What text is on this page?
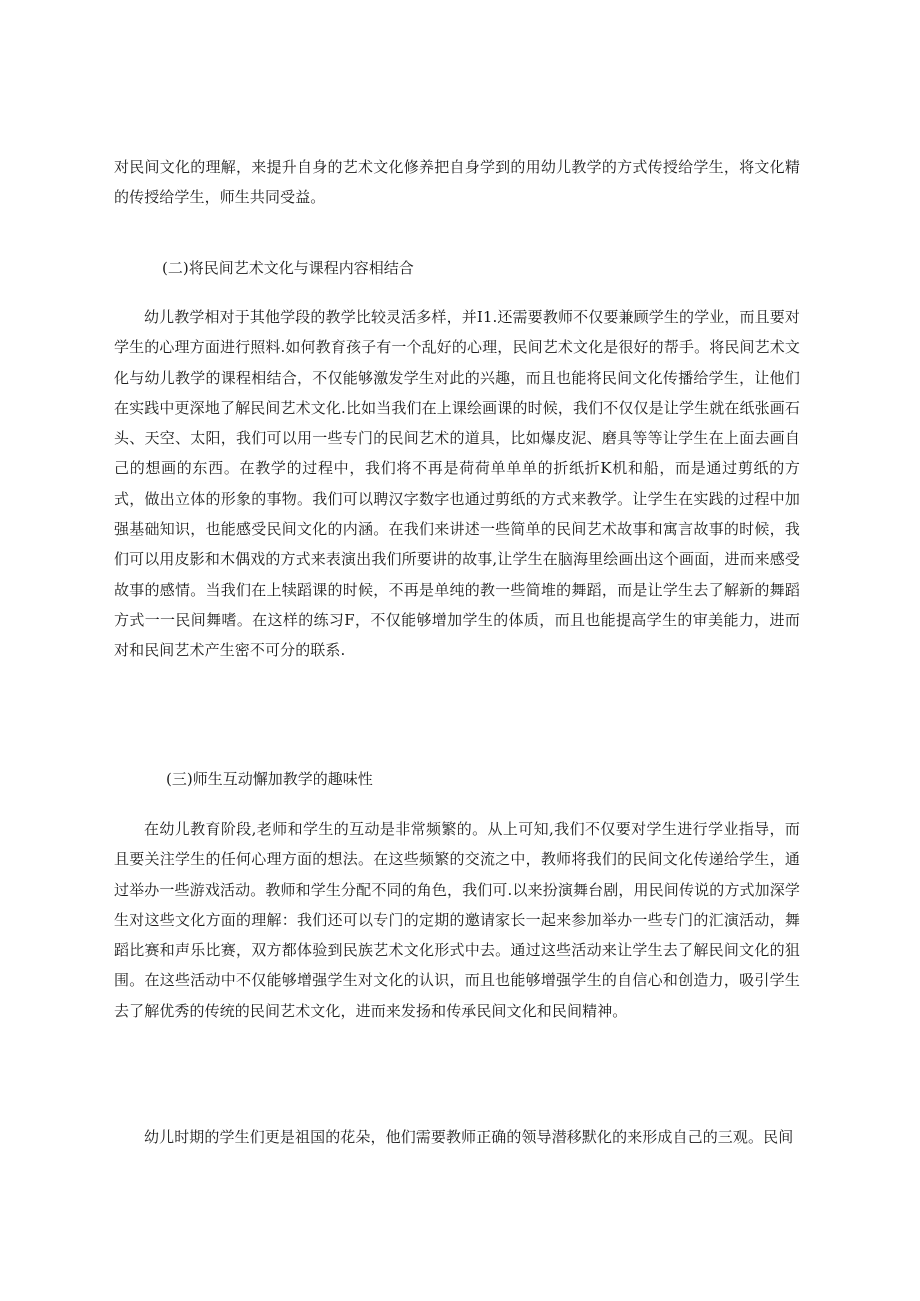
对民间文化的理解，来提升自身的艺术文化修养把自身学到的用幼儿教学的方式传授给学生，将文化精的传授给学生，师生共同受益。

(二)将民间艺术文化与课程内容相结合

幼儿教学相对于其他学段的教学比较灵活多样，并I1.还需要教师不仅要兼顾学生的学业，而且要对学生的心理方面进行照料.如何教育孩子有一个乱好的心理，民间艺术文化是很好的帮手。将民间艺术文化与幼儿教学的课程相结合，不仅能够激发学生对此的兴趣，而且也能将民间文化传播给学生，让他们在实践中更深地了解民间艺术文化.比如当我们在上课绘画课的时候，我们不仅仅是让学生就在纸张画石头、天空、太阳，我们可以用一些专门的民间艺术的道具，比如爆皮泥、磨具等等让学生在上面去画自己的想画的东西。在教学的过程中，我们将不再是荷荷单单单的折纸折K机和船，而是通过剪纸的方式，做出立体的形象的事物。我们可以聘汉字数字也通过剪纸的方式来教学。让学生在实践的过程中加强基础知识，也能感受民间文化的内涵。在我们来讲述一些简单的民间艺术故事和寓言故事的时候，我们可以用皮影和木偶戏的方式来表演出我们所要讲的故事,让学生在脑海里绘画出这个画面，进而来感受故事的感情。当我们在上犊蹈课的时候，不再是单纯的教一些简堆的舞蹈，而是让学生去了解新的舞蹈方式一一民间舞嗜。在这样的练习F，不仅能够增加学生的体质，而且也能提高学生的审美能力，进而对和民间艺术产生密不可分的联系.

(三)师生互动懈加教学的趣味性

在幼儿教育阶段,老师和学生的互动是非常频繁的。从上可知,我们不仅要对学生进行学业指导，而且要关注学生的任何心理方面的想法。在这些频繁的交流之中，教师将我们的民间文化传递给学生，通过举办一些游戏活动。教师和学生分配不同的角色，我们可.以来扮演舞台剧，用民间传说的方式加深学生对这些文化方面的理解：我们还可以专门的定期的邀请家长一起来参加举办一些专门的汇演活动，舞蹈比赛和声乐比赛，双方都体验到民族艺术文化形式中去。通过这些活动来让学生去了解民间文化的狙围。在这些活动中不仅能够增强学生对文化的认识，而且也能够增强学生的自信心和创造力，吸引学生去了解优秀的传统的民间艺术文化，进而来发扬和传承民间文化和民间精神。

幼儿时期的学生们更是祖国的花朵，他们需要教师正确的领导潜移默化的来形成自己的三观。民间
